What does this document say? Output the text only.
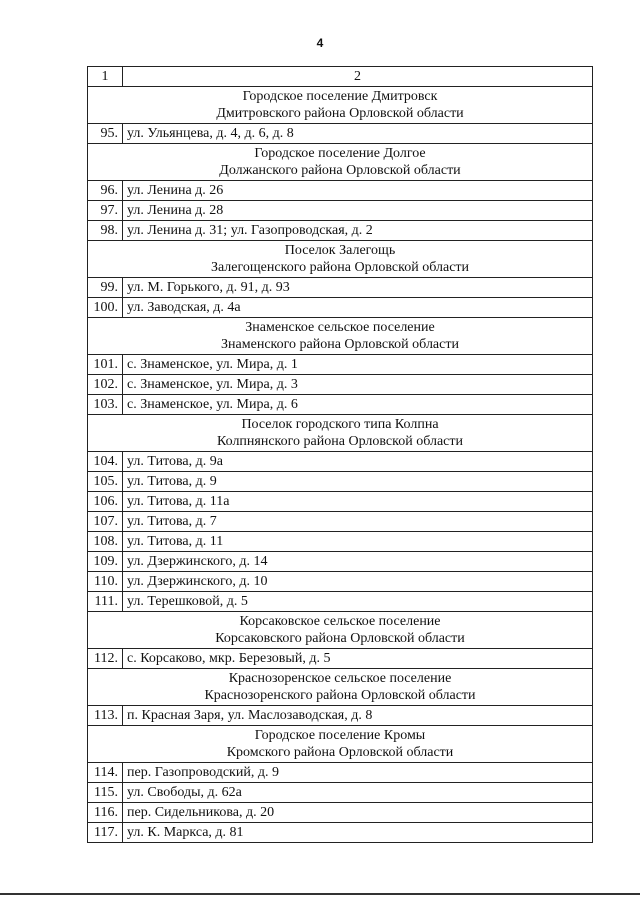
4
1	2

Городское поселение Дмитровск
Дмитровского района Орловской области	

95.	ул. Ульянцева, д. 4, д. 6, д. 8

Городское поселение Долгое
Должанского района Орловской области	

96.	ул. Ленина д. 26
97.	ул. Ленина д. 28
98.	ул. Ленина д. 31; ул. Газопроводская, д. 2

Поселок Залегощь
Залегощенского района Орловской области	

99.	ул. М. Горького, д. 91, д. 93
100.	ул. Заводская, д. 4а

Знаменское сельское поселение
Знаменского района Орловской области	

101.	с. Знаменское, ул. Мира, д. 1
102.	с. Знаменское, ул. Мира, д. 3
103.	с. Знаменское, ул. Мира, д. 6

Поселок городского типа Колпна
Колпнянского района Орловской области	

104.	ул. Титова, д. 9а
105.	ул. Титова, д. 9
106.	ул. Титова, д. 11а
107.	ул. Титова, д. 7
108.	ул. Титова, д. 11
109.	ул. Дзержинского, д. 14
110.	ул. Дзержинского, д. 10
111.	ул. Терешковой, д. 5

Корсаковское сельское поселение
Корсаковского района Орловской области	

112.	с. Корсаково, мкр. Березовый, д. 5

Краснозоренское сельское поселение
Краснозоренского района Орловской области	

113.	п. Красная Заря, ул. Маслозаводская, д. 8

Городское поселение Кромы
Кромского района Орловской области	

114.	пер. Газопроводский, д. 9
115.	ул. Свободы, д. 62а
116.	пер. Сидельникова, д. 20
117.	ул. К. Маркса, д. 81
